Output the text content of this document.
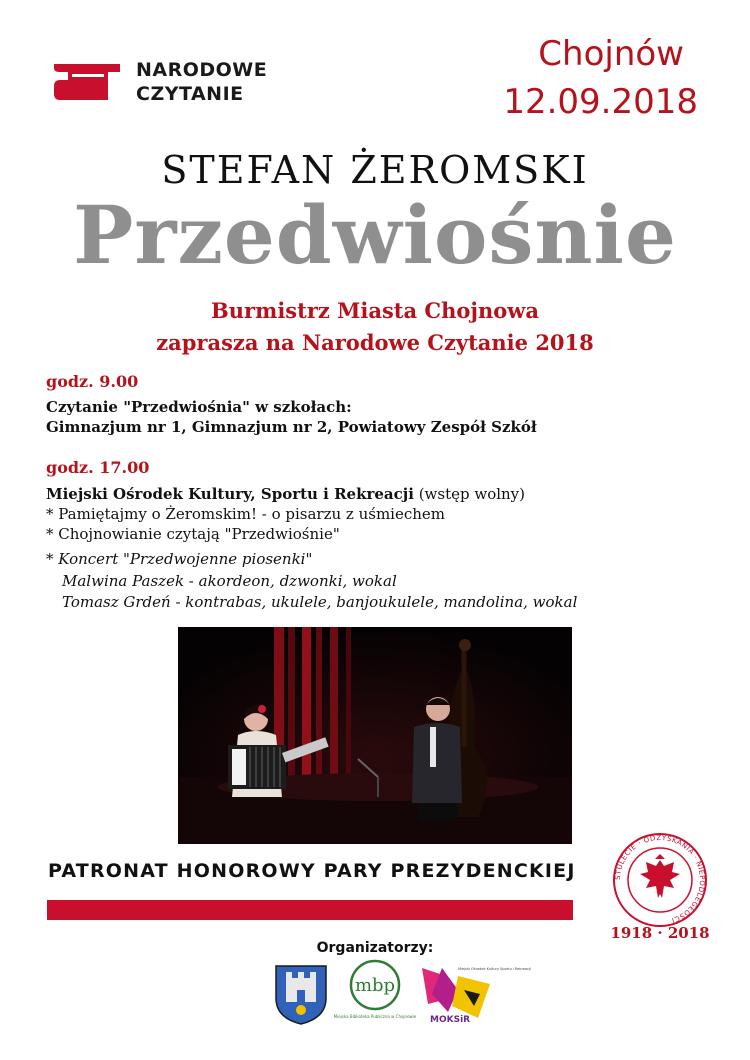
NARODOWE
CZYTANIE
Chojnów
12.09.2018
STEFAN ŻEROMSKI
Przedwiośnie
Burmistrz Miasta Chojnowa
zaprasza na Narodowe Czytanie 2018
godz. 9.00
Czytanie "Przedwiośnia" w szkołach:
Gimnazjum nr 1, Gimnazjum nr 2, Powiatowy Zespół Szkół
godz. 17.00
Miejski Ośrodek Kultury, Sportu i Rekreacji (wstęp wolny)
* Pamiętajmy o Żeromskim! - o pisarzu z uśmiechem
* Chojnowianie czytają "Przedwiośnie"
* Koncert "Przedwojenne piosenki"
Malwina Paszek - akordeon, dzwonki, wokal
Tomasz Grdeń - kontrabas, ukulele, banjoukulele, mandolina, wokal
PATRONAT HONOROWY PARY PREZYDENCKIEJ	STULECIE · ODZYSKANIA · NIEPODLEGŁOŚCI
1918 · 2018
Organizatorzy:
mbp
Miejska Biblioteka Publiczna w Chojnowie
Miejski Ośrodek Kultury Sportu i Rekreacji
MOKSiR
